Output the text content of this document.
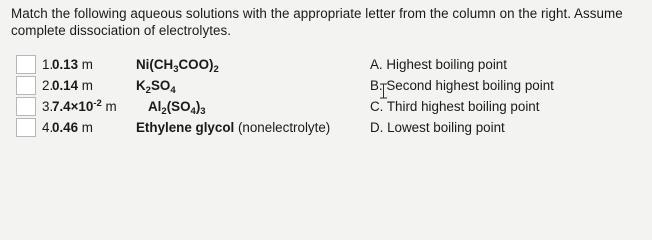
Match the following aqueous solutions with the appropriate letter from the column on the right. Assume complete dissociation of electrolytes.
1.
0.13 m	$Ni(CH_3COO)_2$	A. Highest boiling point
2.
0.14 m	$K_2SO_4$	B. Second highest boiling point
3.
$7.4\times 10^{-2}$ m $Al_2(SO_4)_3$	C. Third highest boiling point
4.
0.46 m	Ethylene glycol (nonelectrolyte)	D. Lowest boiling point
